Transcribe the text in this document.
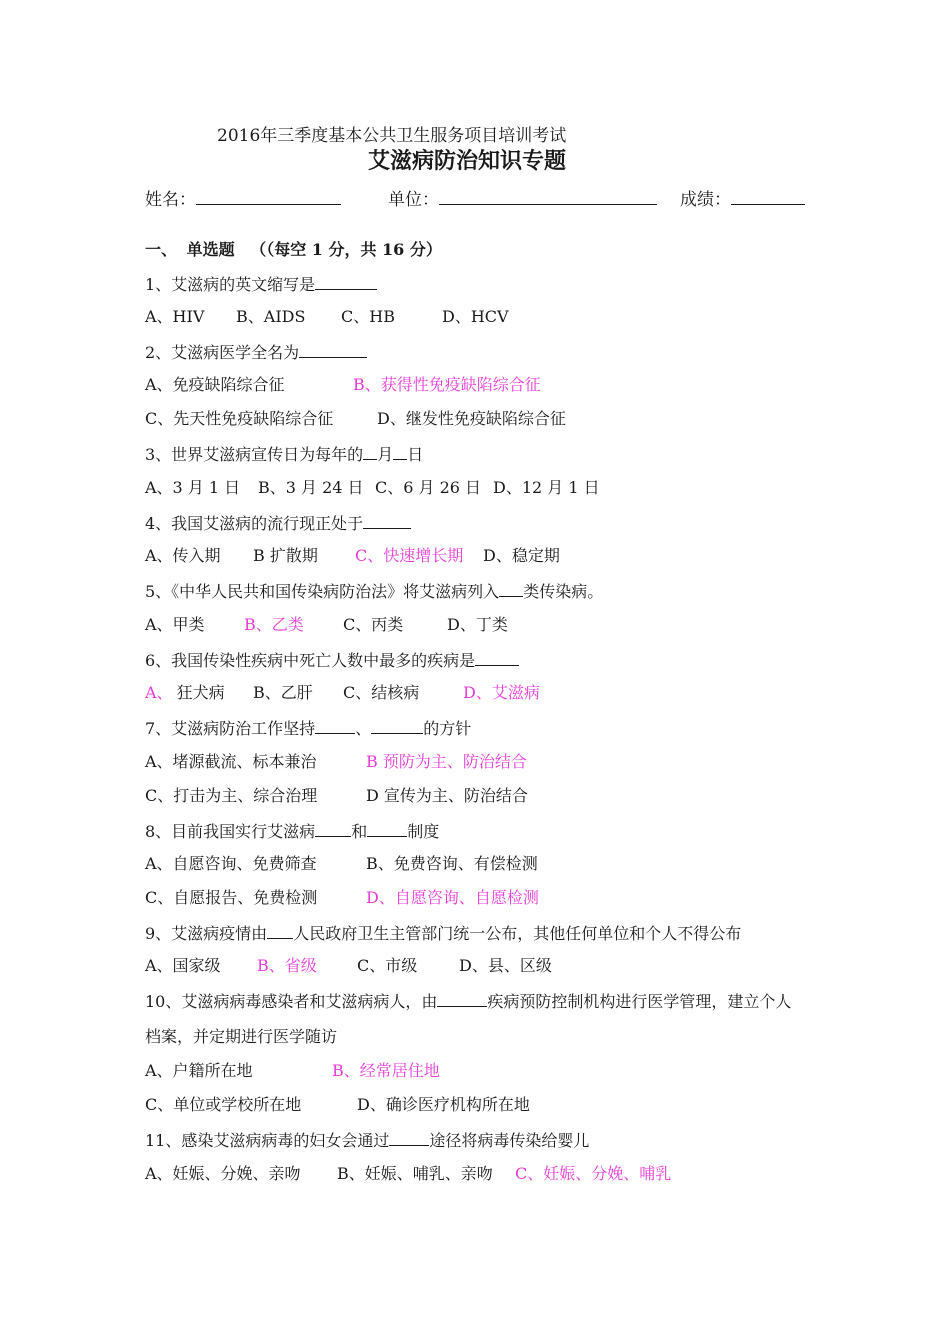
2016年三季度基本公共卫生服务项目培训考试
艾滋病防治知识专题
姓名：	单位：	成绩：
一、 单选题 （（每空 1 分，共 16 分）
1、艾滋病的英文缩写是
A、HIV B、AIDS C、HB	D、HCV
2、艾滋病医学全名为
A、免疫缺陷综合征	B、获得性免疫缺陷综合征
C、先天性免疫缺陷综合征	D、继发性免疫缺陷综合征
3、世界艾滋病宣传日为每年的 月 日
A、3 月 1 日 B、3 月 24 日 C、6 月 26 日 D、12 月 1 日
4、我国艾滋病的流行现正处于
A、传入期 B 扩散期 C、快速增长期 D、稳定期
5、《中华人民共和国传染病防治法》将艾滋病列入 类传染病。
A、甲类 B、乙类 C、丙类	D、丁类
6、我国传染性疾病中死亡人数中最多的疾病是
A、 狂犬病 B、乙肝 C、结核病	D、艾滋病
7、艾滋病防治工作坚持	、	的方针
A、堵源截流、标本兼治	B 预防为主、防治结合
C、打击为主、综合治理	D 宣传为主、防治结合
8、目前我国实行艾滋病 和	制度
A、自愿咨询、免费筛查	B、免费咨询、有偿检测
C、自愿报告、免费检测	D、自愿咨询、自愿检测
9、艾滋病疫情由 人民政府卫生主管部门统一公布，其他任何单位和个人不得公布
A、国家级 B、省级	C、市级	D、县、区级
10、艾滋病病毒感染者和艾滋病病人，由	疾病预防控制机构进行医学管理，建立个人
档案，并定期进行医学随访
A、户籍所在地	B、经常居住地
C、单位或学校所在地	D、确诊医疗机构所在地
11、感染艾滋病病毒的妇女会通过	途径将病毒传染给婴儿
A、妊娠、分娩、亲吻 B、妊娠、哺乳、亲吻 C、妊娠、分娩、哺乳
